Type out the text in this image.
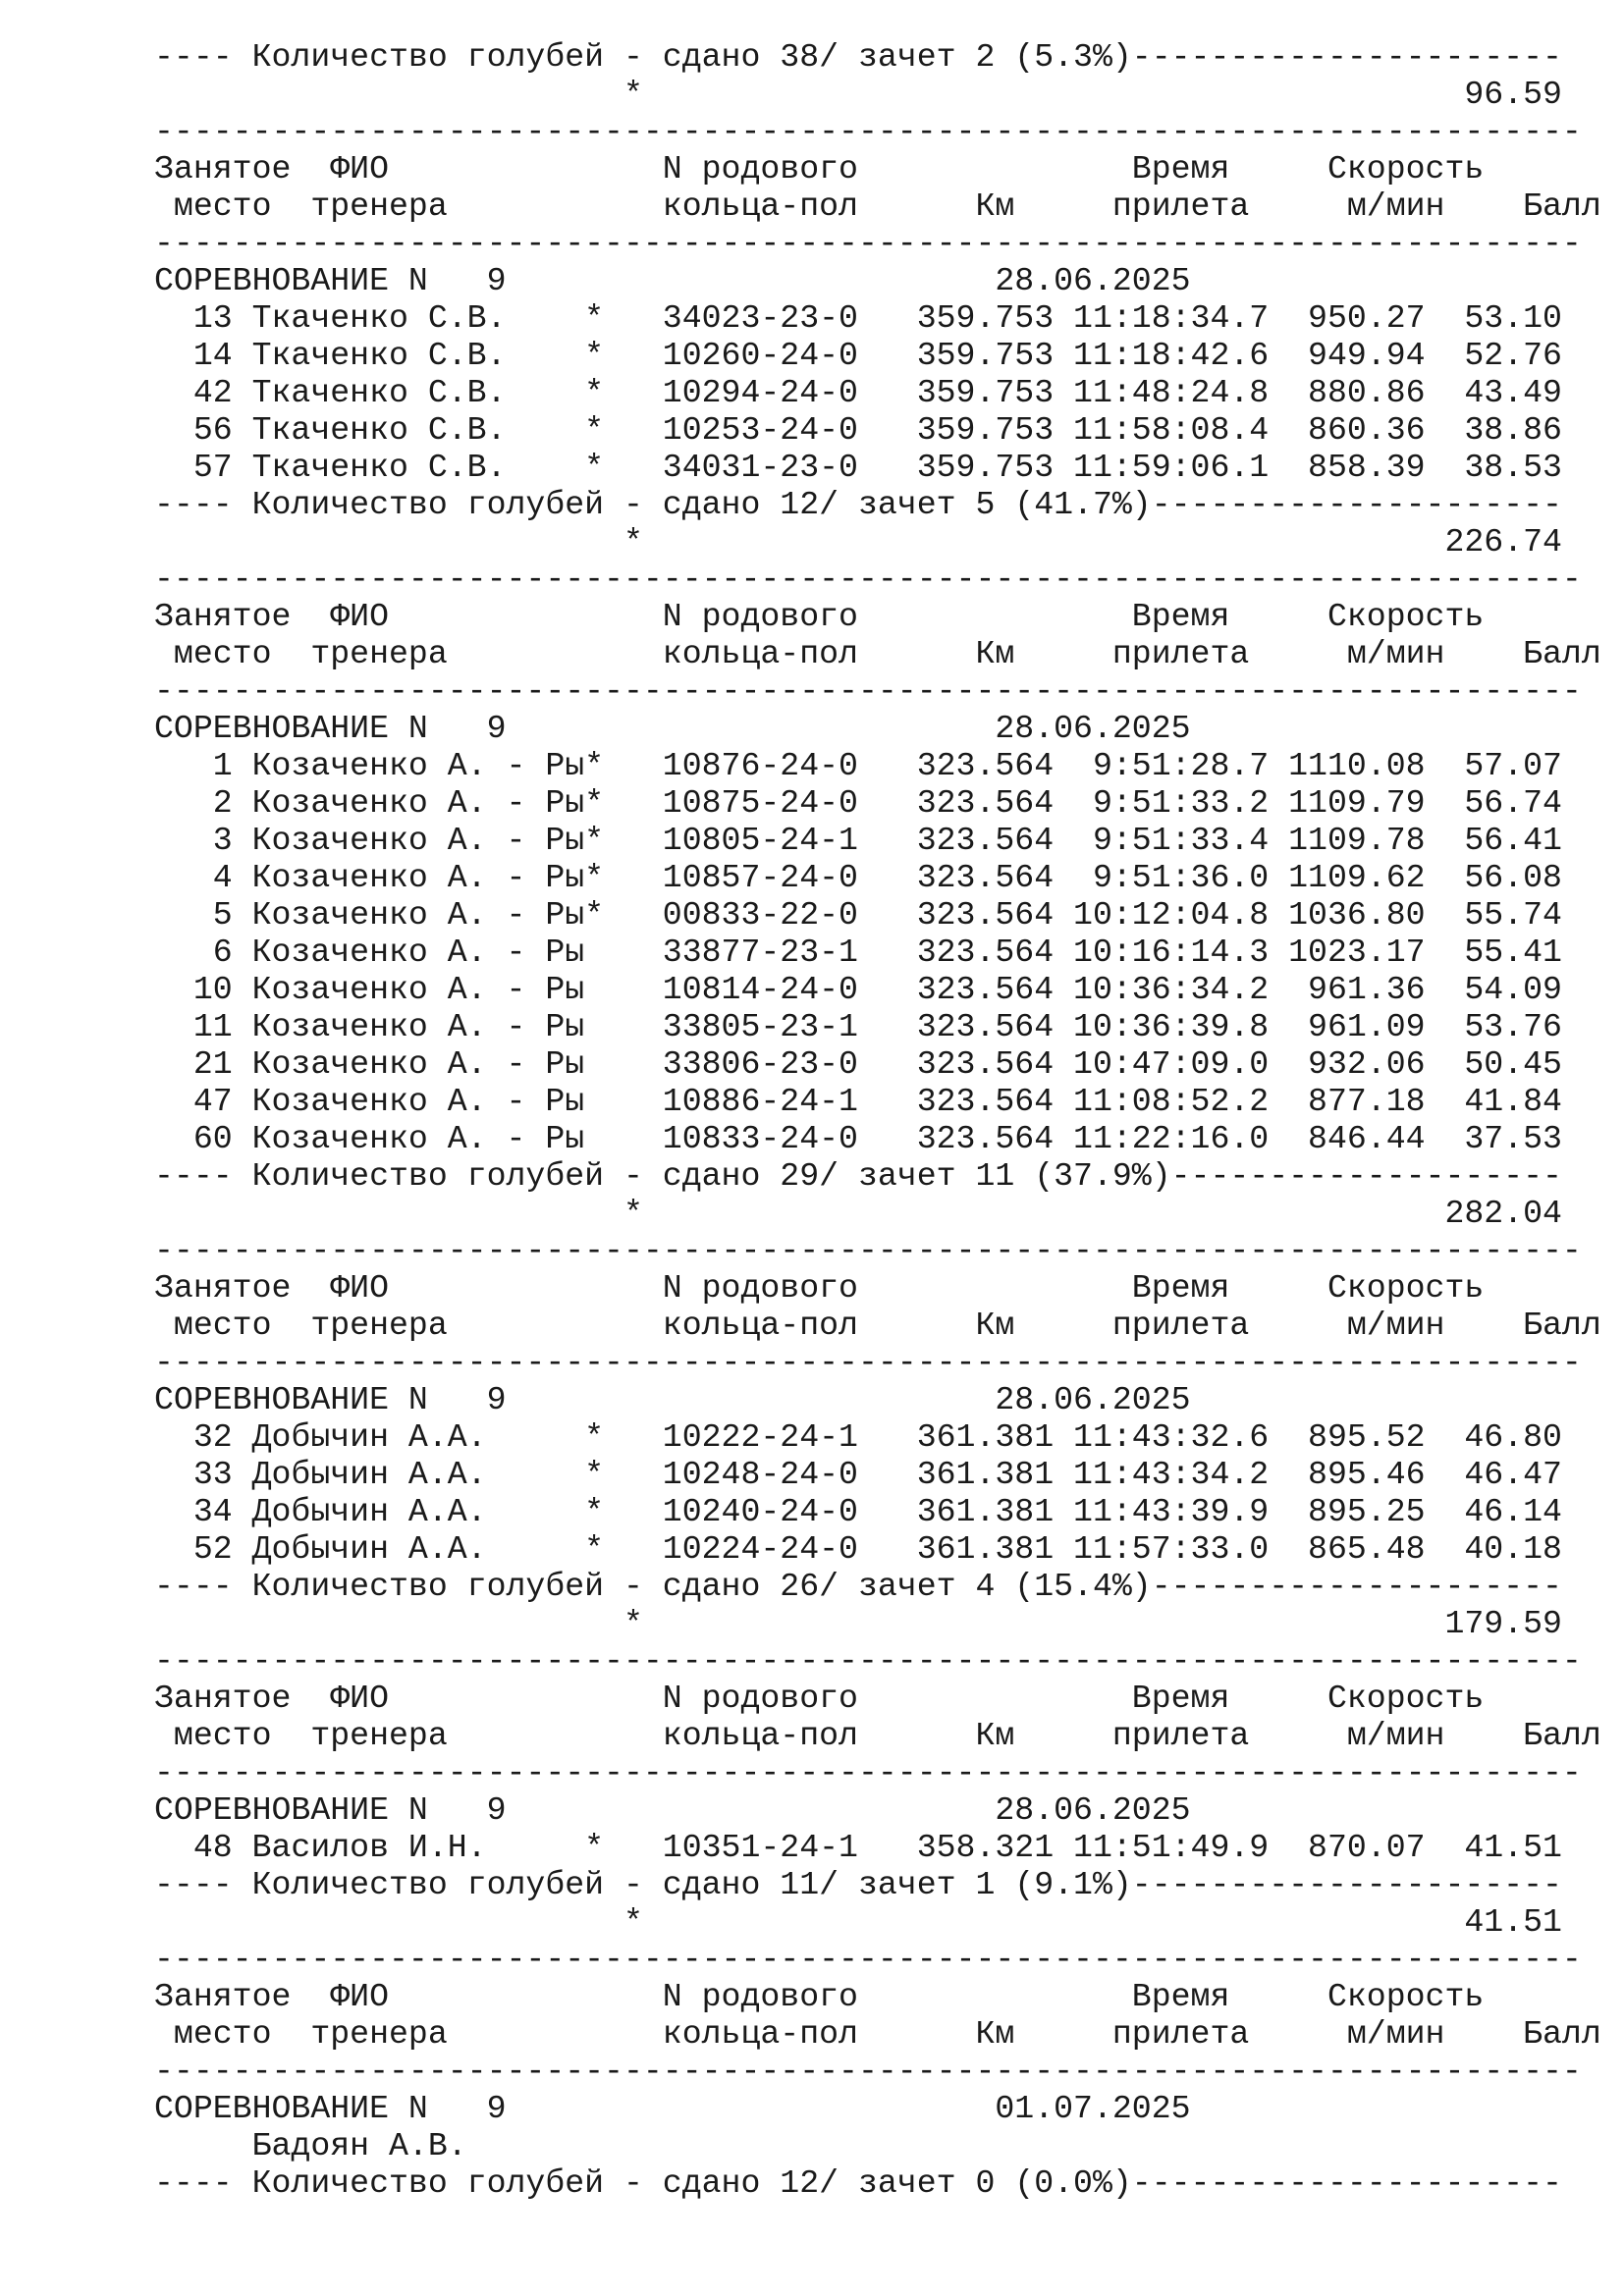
---- Количество голубей - сдано 38/ зачет 2 (5.3%)----------------------
*                                          96.59
-------------------------------------------------------------------------
Занятое  ФИО              N родового              Время     Скорость
место  тренера           кольца-пол      Км     прилета     м/мин    Балл
-------------------------------------------------------------------------
СОРЕВНОВАНИЕ N   9                         28.06.2025
13 Ткаченко С.В.    *   34023-23-0   359.753 11:18:34.7  950.27  53.10
14 Ткаченко С.В.    *   10260-24-0   359.753 11:18:42.6  949.94  52.76
42 Ткаченко С.В.    *   10294-24-0   359.753 11:48:24.8  880.86  43.49
56 Ткаченко С.В.    *   10253-24-0   359.753 11:58:08.4  860.36  38.86
57 Ткаченко С.В.    *   34031-23-0   359.753 11:59:06.1  858.39  38.53
---- Количество голубей - сдано 12/ зачет 5 (41.7%)---------------------
*                                         226.74
-------------------------------------------------------------------------
Занятое  ФИО              N родового              Время     Скорость
место  тренера           кольца-пол      Км     прилета     м/мин    Балл
-------------------------------------------------------------------------
СОРЕВНОВАНИЕ N   9                         28.06.2025
1 Козаченко А. - Ры*   10876-24-0   323.564  9:51:28.7 1110.08  57.07
2 Козаченко А. - Ры*   10875-24-0   323.564  9:51:33.2 1109.79  56.74
3 Козаченко А. - Ры*   10805-24-1   323.564  9:51:33.4 1109.78  56.41
4 Козаченко А. - Ры*   10857-24-0   323.564  9:51:36.0 1109.62  56.08
5 Козаченко А. - Ры*   00833-22-0   323.564 10:12:04.8 1036.80  55.74
6 Козаченко А. - Ры    33877-23-1   323.564 10:16:14.3 1023.17  55.41
10 Козаченко А. - Ры    10814-24-0   323.564 10:36:34.2  961.36  54.09
11 Козаченко А. - Ры    33805-23-1   323.564 10:36:39.8  961.09  53.76
21 Козаченко А. - Ры    33806-23-0   323.564 10:47:09.0  932.06  50.45
47 Козаченко А. - Ры    10886-24-1   323.564 11:08:52.2  877.18  41.84
60 Козаченко А. - Ры    10833-24-0   323.564 11:22:16.0  846.44  37.53
---- Количество голубей - сдано 29/ зачет 11 (37.9%)--------------------
*                                         282.04
-------------------------------------------------------------------------
Занятое  ФИО              N родового              Время     Скорость
место  тренера           кольца-пол      Км     прилета     м/мин    Балл
-------------------------------------------------------------------------
СОРЕВНОВАНИЕ N   9                         28.06.2025
32 Добычин А.А.     *   10222-24-1   361.381 11:43:32.6  895.52  46.80
33 Добычин А.А.     *   10248-24-0   361.381 11:43:34.2  895.46  46.47
34 Добычин А.А.     *   10240-24-0   361.381 11:43:39.9  895.25  46.14
52 Добычин А.А.     *   10224-24-0   361.381 11:57:33.0  865.48  40.18
---- Количество голубей - сдано 26/ зачет 4 (15.4%)---------------------
*                                         179.59
-------------------------------------------------------------------------
Занятое  ФИО              N родового              Время     Скорость
место  тренера           кольца-пол      Км     прилета     м/мин    Балл
-------------------------------------------------------------------------
СОРЕВНОВАНИЕ N   9                         28.06.2025
48 Василов И.Н.     *   10351-24-1   358.321 11:51:49.9  870.07  41.51
---- Количество голубей - сдано 11/ зачет 1 (9.1%)----------------------
*                                          41.51
-------------------------------------------------------------------------
Занятое  ФИО              N родового              Время     Скорость
место  тренера           кольца-пол      Км     прилета     м/мин    Балл
-------------------------------------------------------------------------
СОРЕВНОВАНИЕ N   9                         01.07.2025
Бадоян А.В.
---- Количество голубей - сдано 12/ зачет 0 (0.0%)----------------------
